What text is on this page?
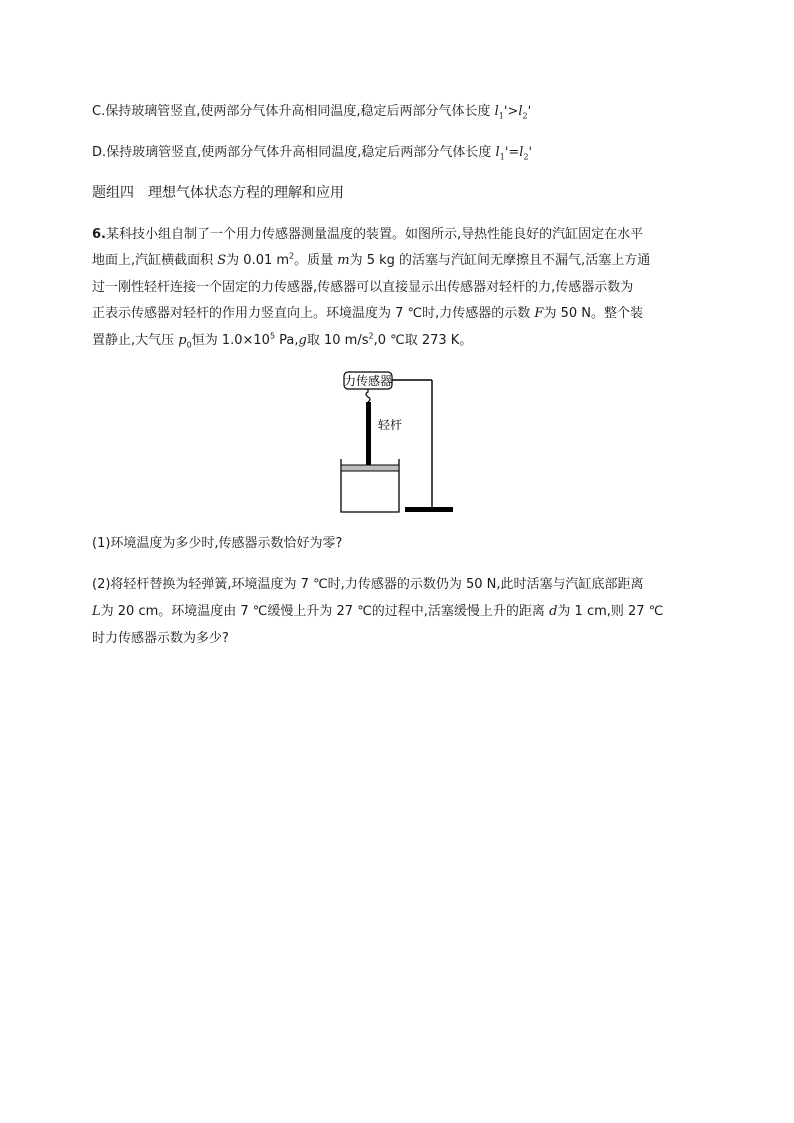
C.保持玻璃管竖直,使两部分气体升高相同温度,稳定后两部分气体长度 $l_1'>l_2'$
D.保持玻璃管竖直,使两部分气体升高相同温度,稳定后两部分气体长度 $l_1'=l_2'$
题组四　理想气体状态方程的理解和应用
6.某科技小组自制了一个用力传感器测量温度的装置。如图所示,导热性能良好的汽缸固定在水平
地面上,汽缸横截面积 S为 0.01 $m^2$。质量 m为 5 kg 的活塞与汽缸间无摩擦且不漏气,活塞上方通
过一刚性轻杆连接一个固定的力传感器,传感器可以直接显示出传感器对轻杆的力,传感器示数为
正表示传感器对轻杆的作用力竖直向上。环境温度为 7 ℃时,力传感器的示数 F为 50 N。整个装
置静止,大气压 $p_0$恒为 $1.0\times 10^5$ Pa,g取 10 $m/s^2,0$ ℃取 273 K。
力传感器
轻杆
(1)环境温度为多少时,传感器示数恰好为零?
(2)将轻杆替换为轻弹簧,环境温度为 7 ℃时,力传感器的示数仍为 50 N,此时活塞与汽缸底部距离
L为 20 cm。环境温度由 7 ℃缓慢上升为 27 ℃的过程中,活塞缓慢上升的距离 d为 1 cm,则 27 ℃
时力传感器示数为多少?
